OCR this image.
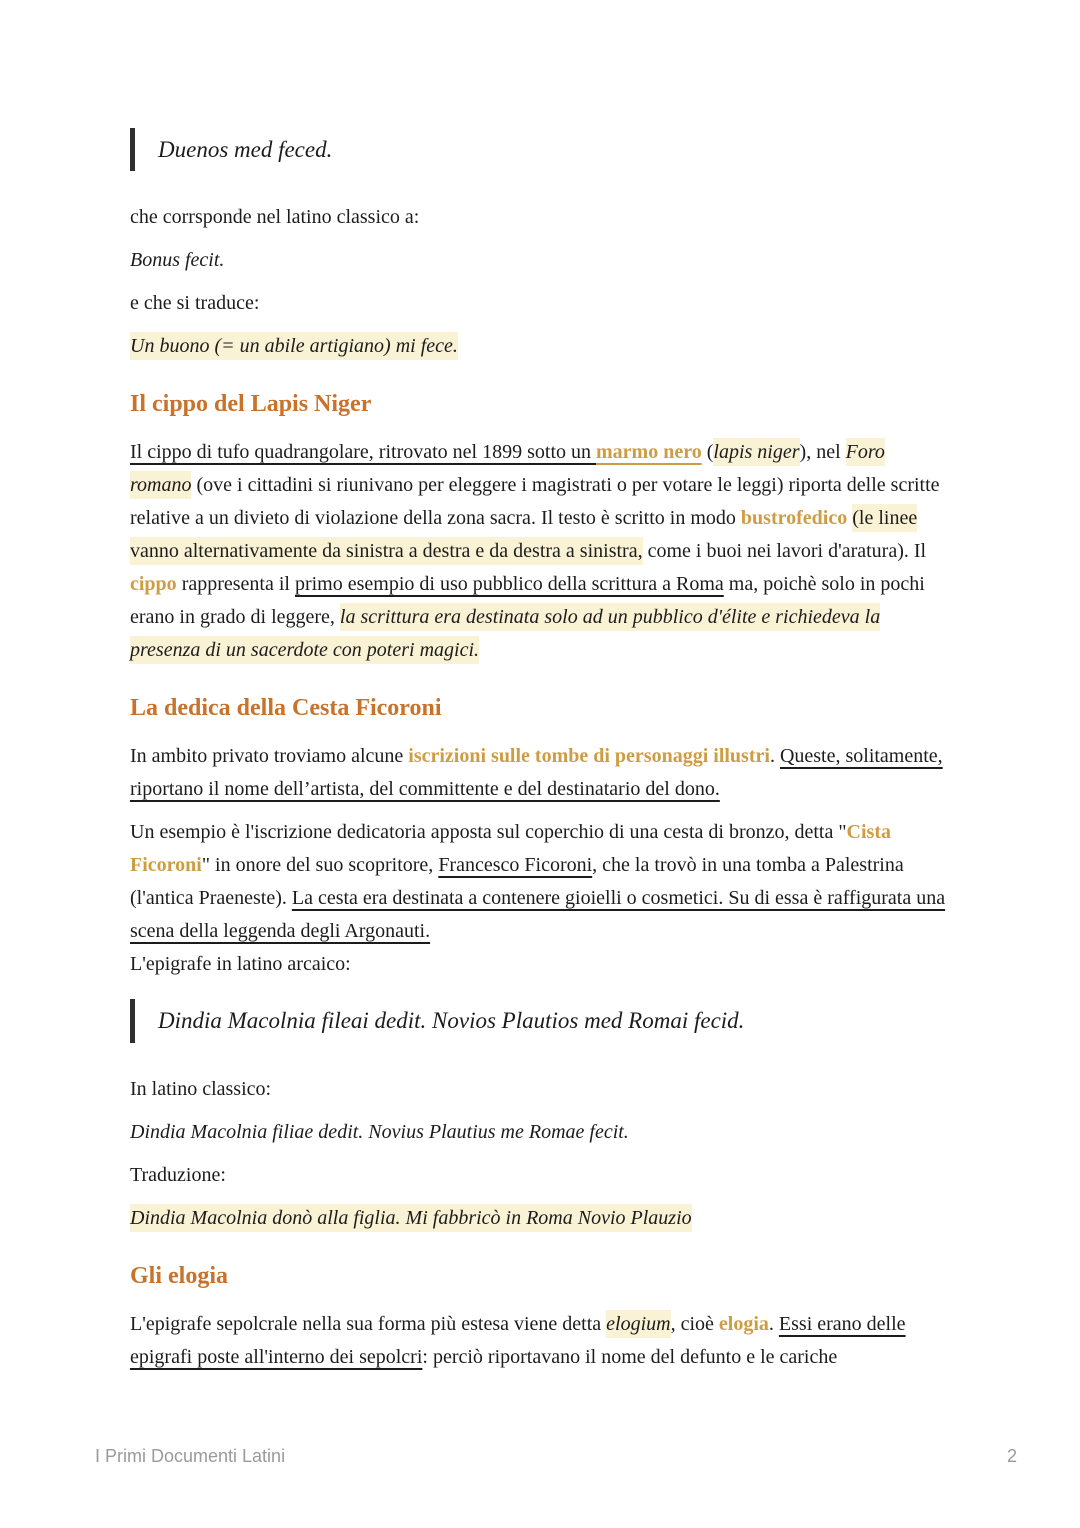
Duenos med feced.

che corrsponde nel latino classico a:

Bonus fecit.

e che si traduce:

Un buono (= un abile artigiano) mi fece.

Il cippo del Lapis Niger

Il cippo di tufo quadrangolare, ritrovato nel 1899 sotto un marmo nero (lapis niger), nel Foro romano (ove i cittadini si riunivano per eleggere i magistrati o per votare le leggi) riporta delle scritte relative a un divieto di violazione della zona sacra. Il testo è scritto in modo bustrofedico (le linee vanno alternativamente da sinistra a destra e da destra a sinistra, come i buoi nei lavori d'aratura). Il cippo rappresenta il primo esempio di uso pubblico della scrittura a Roma ma, poichè solo in pochi erano in grado di leggere, la scrittura era destinata solo ad un pubblico d'élite e richiedeva la presenza di un sacerdote con poteri magici.

La dedica della Cesta Ficoroni

In ambito privato troviamo alcune iscrizioni sulle tombe di personaggi illustri. Queste, solitamente, riportano il nome dell’artista, del committente e del destinatario del dono.

Un esempio è l'iscrizione dedicatoria apposta sul coperchio di una cesta di bronzo, detta "Cista Ficoroni" in onore del suo scopritore, Francesco Ficoroni, che la trovò in una tomba a Palestrina (l'antica Praeneste). La cesta era destinata a contenere gioielli o cosmetici. Su di essa è raffigurata una scena della leggenda degli Argonauti.

L'epigrafe in latino arcaico:

Dindia Macolnia fileai dedit. Novios Plautios med Romai fecid.

In latino classico:

Dindia Macolnia filiae dedit. Novius Plautius me Romae fecit.

Traduzione:

Dindia Macolnia donò alla figlia. Mi fabbricò in Roma Novio Plauzio

Gli elogia

L'epigrafe sepolcrale nella sua forma più estesa viene detta elogium, cioè elogia. Essi erano delle epigrafi poste all'interno dei sepolcri: perciò riportavano il nome del defunto e le cariche

I Primi Documenti Latini	2
